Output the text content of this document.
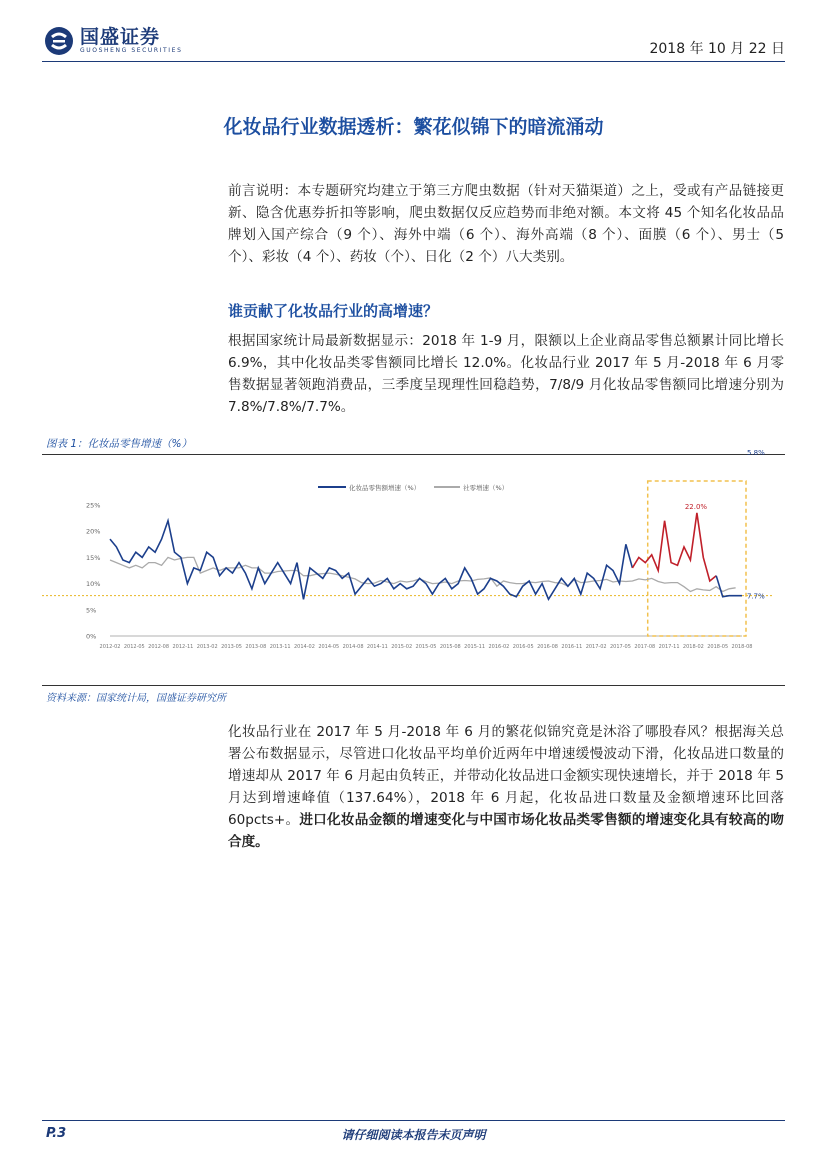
国盛证券
GUOSHENG SECURITIES	2018 年 10 月 22 日
化妆品行业数据透析：繁花似锦下的暗流涌动

前言说明：本专题研究均建立于第三方爬虫数据（针对天猫渠道）之上，受或有产品链接更新、隐含优惠券折扣等影响，爬虫数据仅反应趋势而非绝对额。本文将 45 个知名化妆品品牌划入国产综合（9 个）、海外中端（6 个）、海外高端（8 个）、面膜（6 个）、男士（5 个）、彩妆（4 个）、药妆（个）、日化（2 个）八大类别。

谁贡献了化妆品行业的高增速？

根据国家统计局最新数据显示：2018 年 1-9 月，限额以上企业商品零售总额累计同比增长 6.9%，其中化妆品类零售额同比增长 12.0%。化妆品行业 2017 年 5 月-2018 年 6 月零售数据显著领跑消费品，三季度呈现理性回稳趋势，7/8/9 月化妆品零售额同比增速分别为 7.8%/7.8%/7.7%。

图表 1：化妆品零售增速（%）
化妆品零售额增速（%）	社零增速（%）
25%
20%
15%
10%
5%
0%
2012-02 2012-05 2012-08 2012-11 2013-02 2013-05 2013-08 2013-11 2014-02 2014-05 2014-08 2014-11 2015-02 2015-05 2015-08 2015-11 2016-02 2016-05 2016-08 2016-11 2017-02 2017-05 2017-08 2017-11 2018-02 2018-05 2018-08
22.0%
7.7%
5.8%
资料来源：国家统计局，国盛证券研究所

化妆品行业在 2017 年 5 月-2018 年 6 月的繁花似锦究竟是沐浴了哪股春风？根据海关总署公布数据显示，尽管进口化妆品平均单价近两年中增速缓慢波动下滑，化妆品进口数量的增速却从 2017 年 6 月起由负转正，并带动化妆品进口金额实现快速增长，并于 2018 年 5 月达到增速峰值（137.64%），2018 年 6 月起，化妆品进口数量及金额增速环比回落 60pcts+。进口化妆品金额的增速变化与中国市场化妆品类零售额的增速变化具有较高的吻合度。

P.3	请仔细阅读本报告末页声明
